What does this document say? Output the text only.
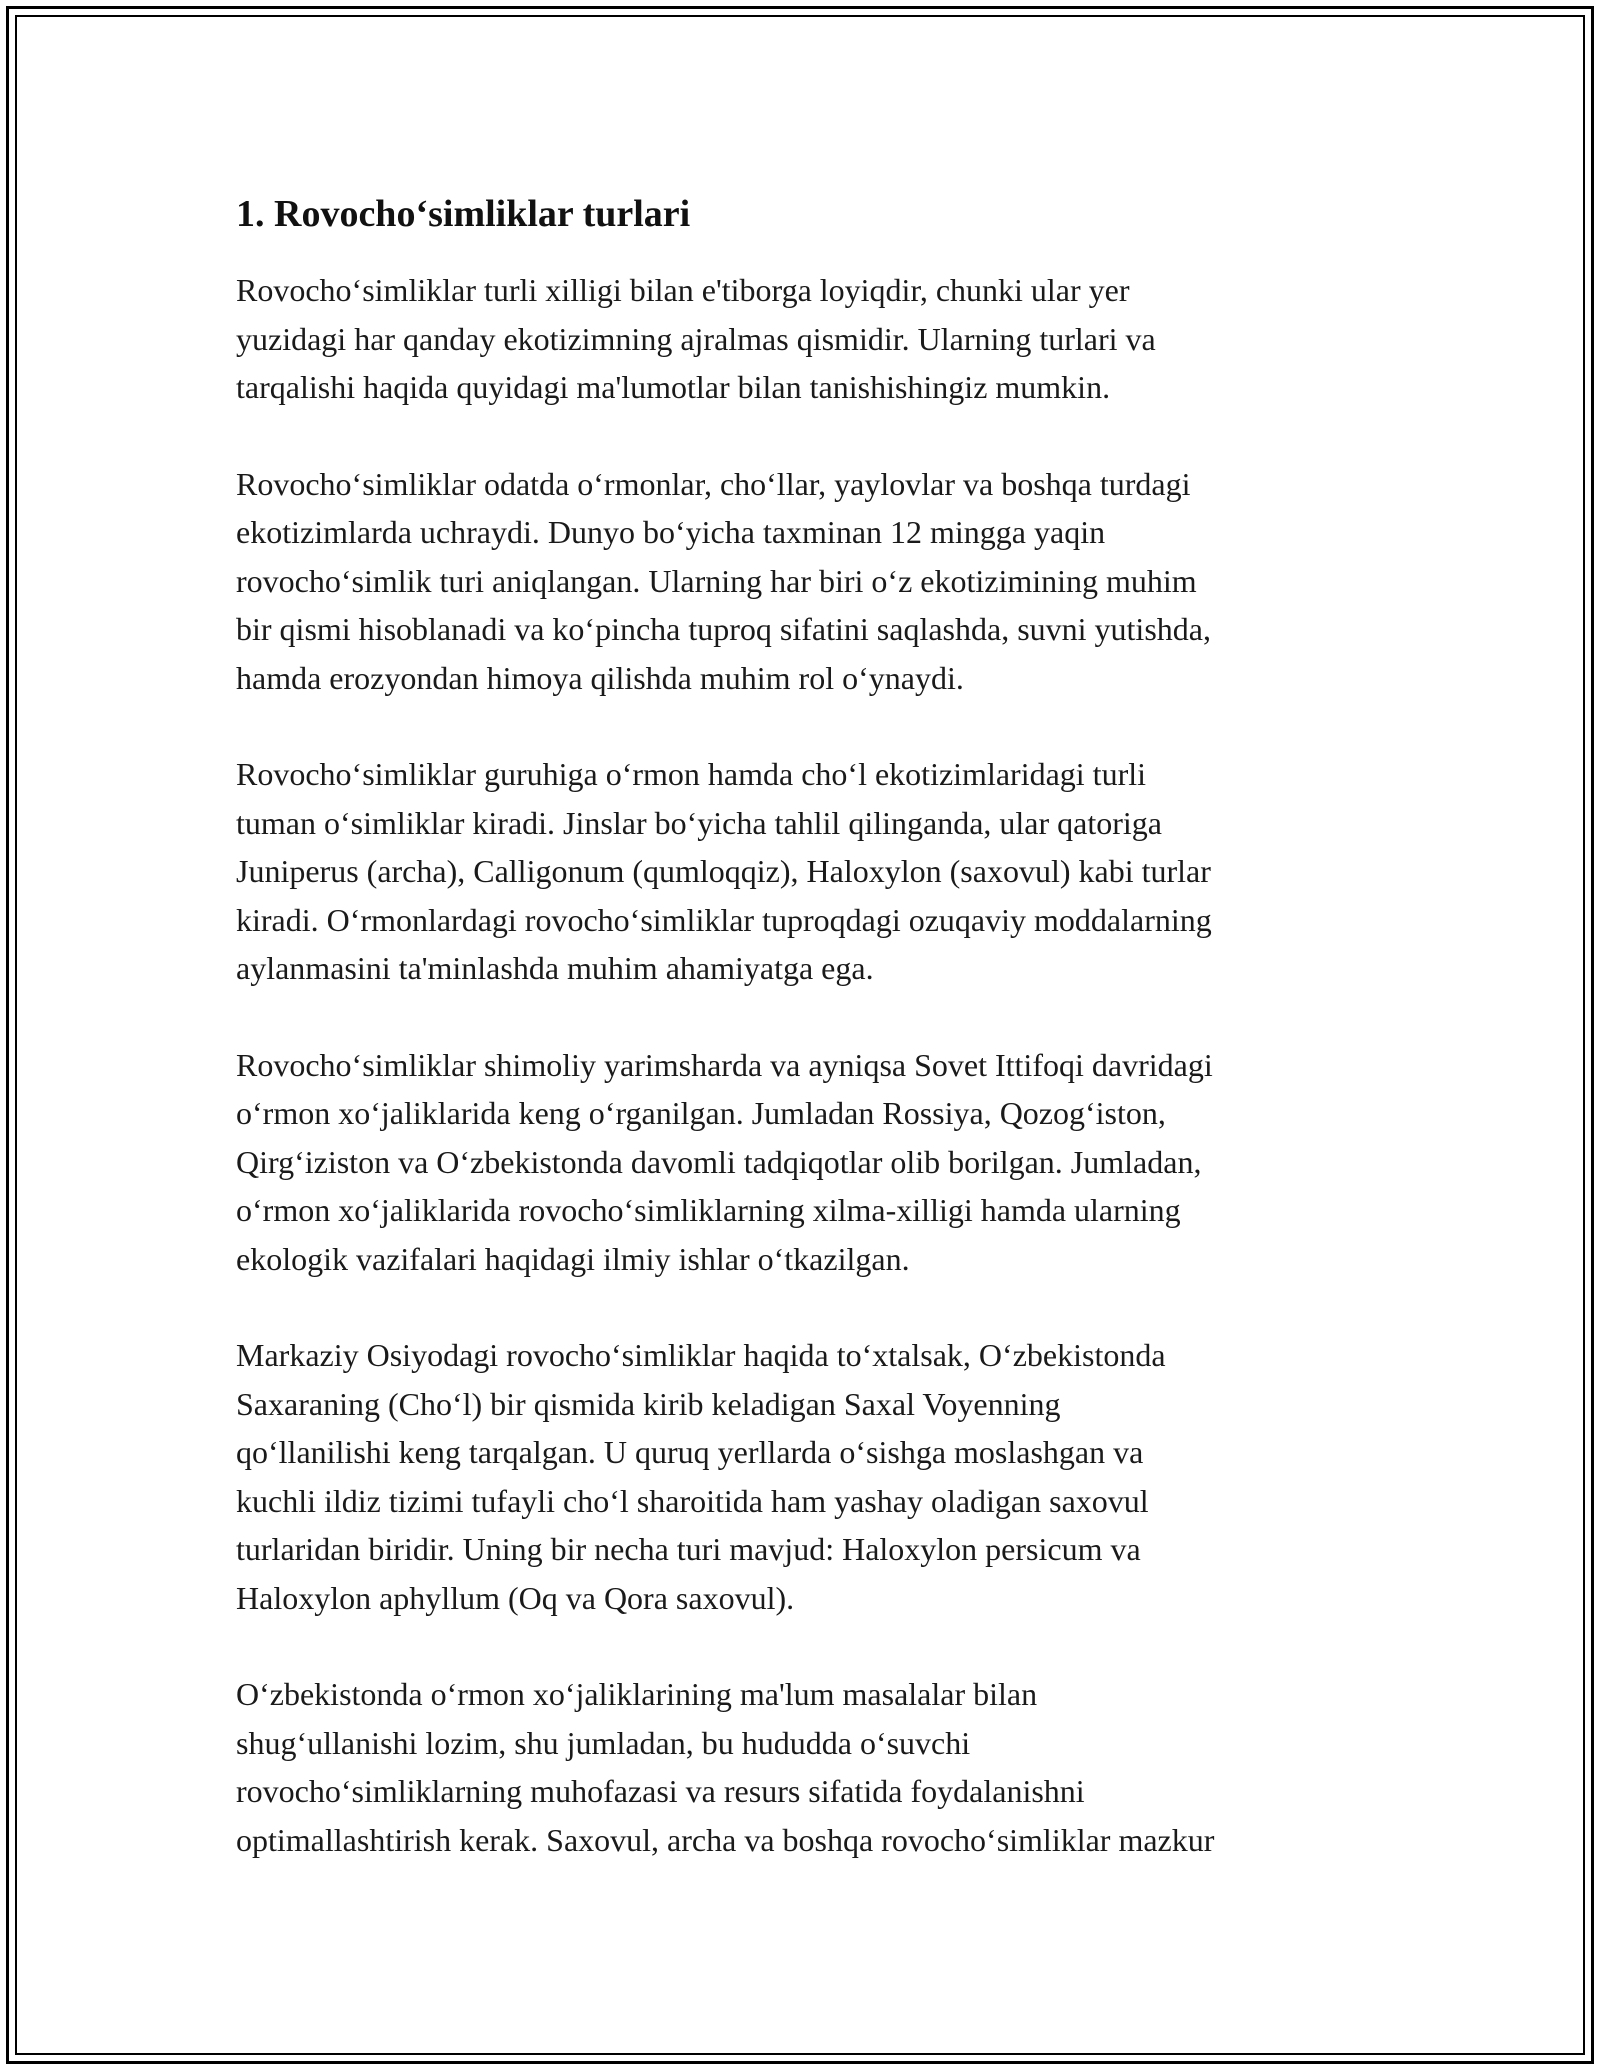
1. Rovocho‘simliklar turlari

Rovocho‘simliklar turli xilligi bilan e'tiborga loyiqdir, chunki ular yer
yuzidagi har qanday ekotizimning ajralmas qismidir. Ularning turlari va
tarqalishi haqida quyidagi ma'lumotlar bilan tanishishingiz mumkin.

Rovocho‘simliklar odatda o‘rmonlar, cho‘llar, yaylovlar va boshqa turdagi
ekotizimlarda uchraydi. Dunyo bo‘yicha taxminan 12 mingga yaqin
rovocho‘simlik turi aniqlangan. Ularning har biri o‘z ekotizimining muhim
bir qismi hisoblanadi va ko‘pincha tuproq sifatini saqlashda, suvni yutishda,
hamda erozyondan himoya qilishda muhim rol o‘ynaydi.

Rovocho‘simliklar guruhiga o‘rmon hamda cho‘l ekotizimlaridagi turli
tuman o‘simliklar kiradi. Jinslar bo‘yicha tahlil qilinganda, ular qatoriga
Juniperus (archa), Calligonum (qumloqqiz), Haloxylon (saxovul) kabi turlar
kiradi. O‘rmonlardagi rovocho‘simliklar tuproqdagi ozuqaviy moddalarning
aylanmasini ta'minlashda muhim ahamiyatga ega.

Rovocho‘simliklar shimoliy yarimsharda va ayniqsa Sovet Ittifoqi davridagi
o‘rmon xo‘jaliklarida keng o‘rganilgan. Jumladan Rossiya, Qozog‘iston,
Qirg‘iziston va O‘zbekistonda davomli tadqiqotlar olib borilgan. Jumladan,
o‘rmon xo‘jaliklarida rovocho‘simliklarning xilma-xilligi hamda ularning
ekologik vazifalari haqidagi ilmiy ishlar o‘tkazilgan.

Markaziy Osiyodagi rovocho‘simliklar haqida to‘xtalsak, O‘zbekistonda
Saxaraning (Cho‘l) bir qismida kirib keladigan Saxal Voyenning
qo‘llanilishi keng tarqalgan. U quruq yerllarda o‘sishga moslashgan va
kuchli ildiz tizimi tufayli cho‘l sharoitida ham yashay oladigan saxovul
turlaridan biridir. Uning bir necha turi mavjud: Haloxylon persicum va
Haloxylon aphyllum (Oq va Qora saxovul).

O‘zbekistonda o‘rmon xo‘jaliklarining ma'lum masalalar bilan
shug‘ullanishi lozim, shu jumladan, bu hududda o‘suvchi
rovocho‘simliklarning muhofazasi va resurs sifatida foydalanishni
optimallashtirish kerak. Saxovul, archa va boshqa rovocho‘simliklar mazkur
